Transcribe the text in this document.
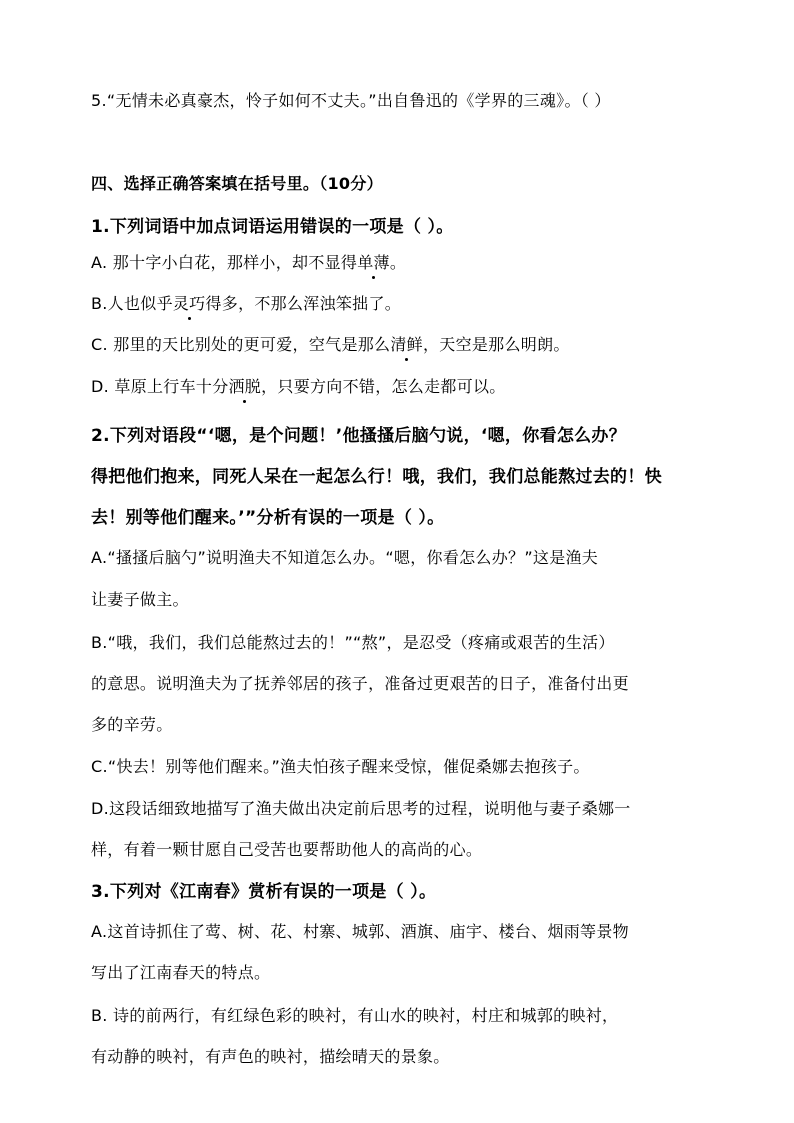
5.“无情未必真豪杰，怜子如何不丈夫。”出自鲁迅的《学界的三魂》。（ ）
四、选择正确答案填在括号里。（10分）
1.下列词语中加点词语运用错误的一项是（ ）。
A. 那十字小白花，那样小，却不显得单薄。
B.人也似乎灵巧得多，不那么浑浊笨拙了。
C. 那里的天比别处的更可爱，空气是那么清鲜，天空是那么明朗。
D. 草原上行车十分洒脱，只要方向不错，怎么走都可以。
2.下列对语段“‘嗯，是个问题！’他搔搔后脑勺说，‘嗯，你看怎么办？
得把他们抱来，同死人呆在一起怎么行！哦，我们，我们总能熬过去的！快
去！别等他们醒来。’”分析有误的一项是（ ）。
A.“搔搔后脑勺”说明渔夫不知道怎么办。“嗯，你看怎么办？”这是渔夫
让妻子做主。
B.“哦，我们，我们总能熬过去的！”“熬”，是忍受（疼痛或艰苦的生活）
的意思。说明渔夫为了抚养邻居的孩子，准备过更艰苦的日子，准备付出更
多的辛劳。
C.“快去！别等他们醒来。”渔夫怕孩子醒来受惊，催促桑娜去抱孩子。
D.这段话细致地描写了渔夫做出决定前后思考的过程，说明他与妻子桑娜一
样，有着一颗甘愿自己受苦也要帮助他人的高尚的心。
3.下列对《江南春》赏析有误的一项是（ ）。
A.这首诗抓住了莺、树、花、村寨、城郭、酒旗、庙宇、楼台、烟雨等景物
写出了江南春天的特点。
B. 诗的前两行，有红绿色彩的映衬，有山水的映衬，村庄和城郭的映衬，
有动静的映衬，有声色的映衬，描绘晴天的景象。
